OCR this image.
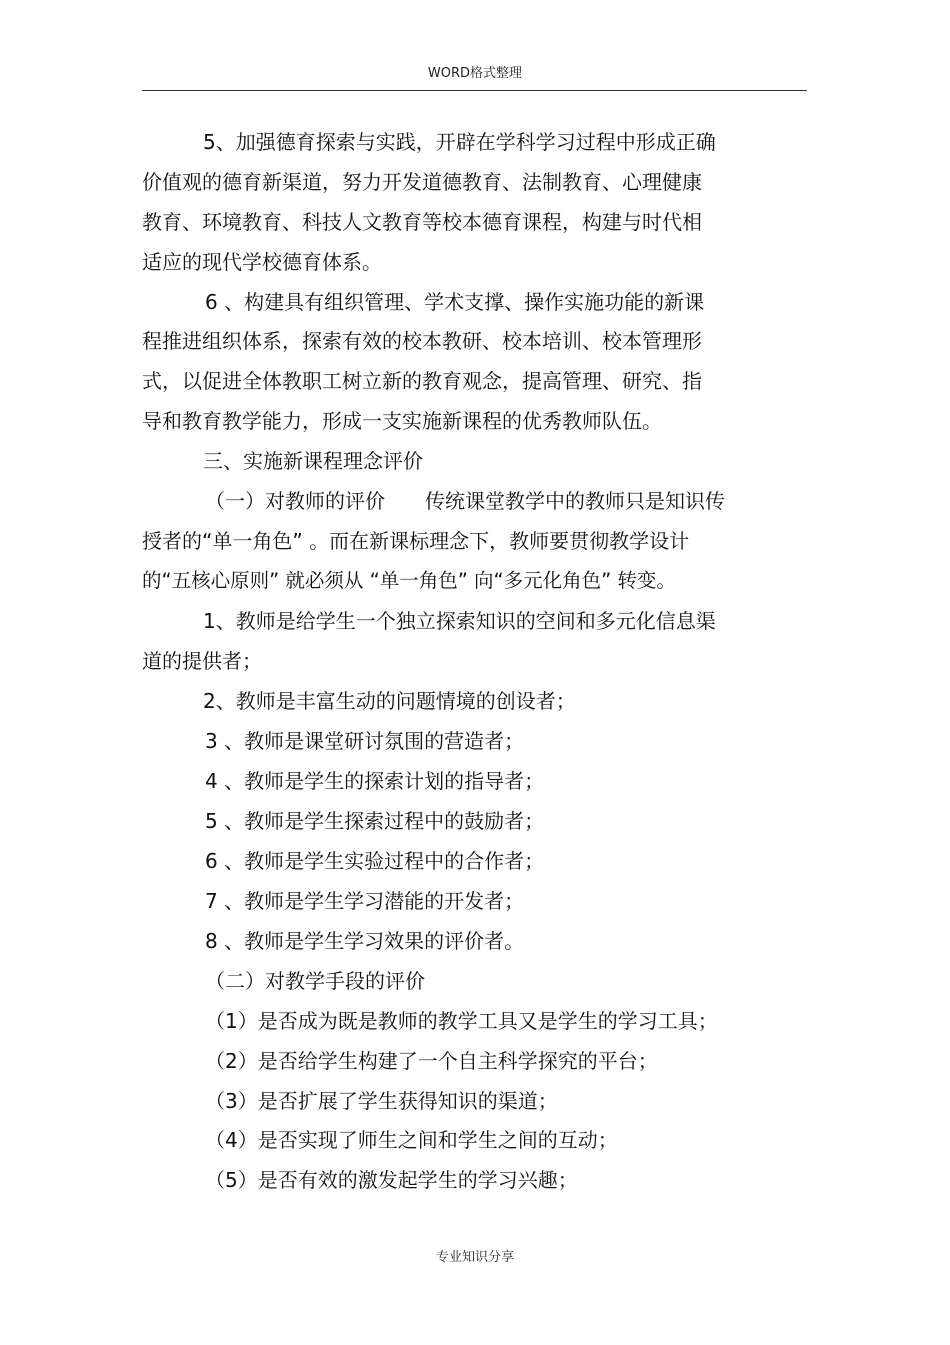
WORD格式整理
5、加强德育探索与实践，开辟在学科学习过程中形成正确
价值观的德育新渠道，努力开发道德教育、法制教育、心理健康
教育、环境教育、科技人文教育等校本德育课程，构建与时代相
适应的现代学校德育体系。
6 、构建具有组织管理、学术支撑、操作实施功能的新课
程推进组织体系，探索有效的校本教研、校本培训、校本管理形
式，以促进全体教职工树立新的教育观念，提高管理、研究、指
导和教育教学能力，形成一支实施新课程的优秀教师队伍。
三、实施新课程理念评价
（一）对教师的评价　　传统课堂教学中的教师只是知识传
授者的“单一角色” 。而在新课标理念下，教师要贯彻教学设计
的“五核心原则” 就必须从 “单一角色” 向“多元化角色” 转变。
1、教师是给学生一个独立探索知识的空间和多元化信息渠
道的提供者；
2、教师是丰富生动的问题情境的创设者；
3 、教师是课堂研讨氛围的营造者；
4 、教师是学生的探索计划的指导者；
5 、教师是学生探索过程中的鼓励者；
6 、教师是学生实验过程中的合作者；
7 、教师是学生学习潜能的开发者；
8 、教师是学生学习效果的评价者。
（二）对教学手段的评价
（1）是否成为既是教师的教学工具又是学生的学习工具；
（2）是否给学生构建了一个自主科学探究的平台；
（3）是否扩展了学生获得知识的渠道；
（4）是否实现了师生之间和学生之间的互动；
（5）是否有效的激发起学生的学习兴趣；
专业知识分享
